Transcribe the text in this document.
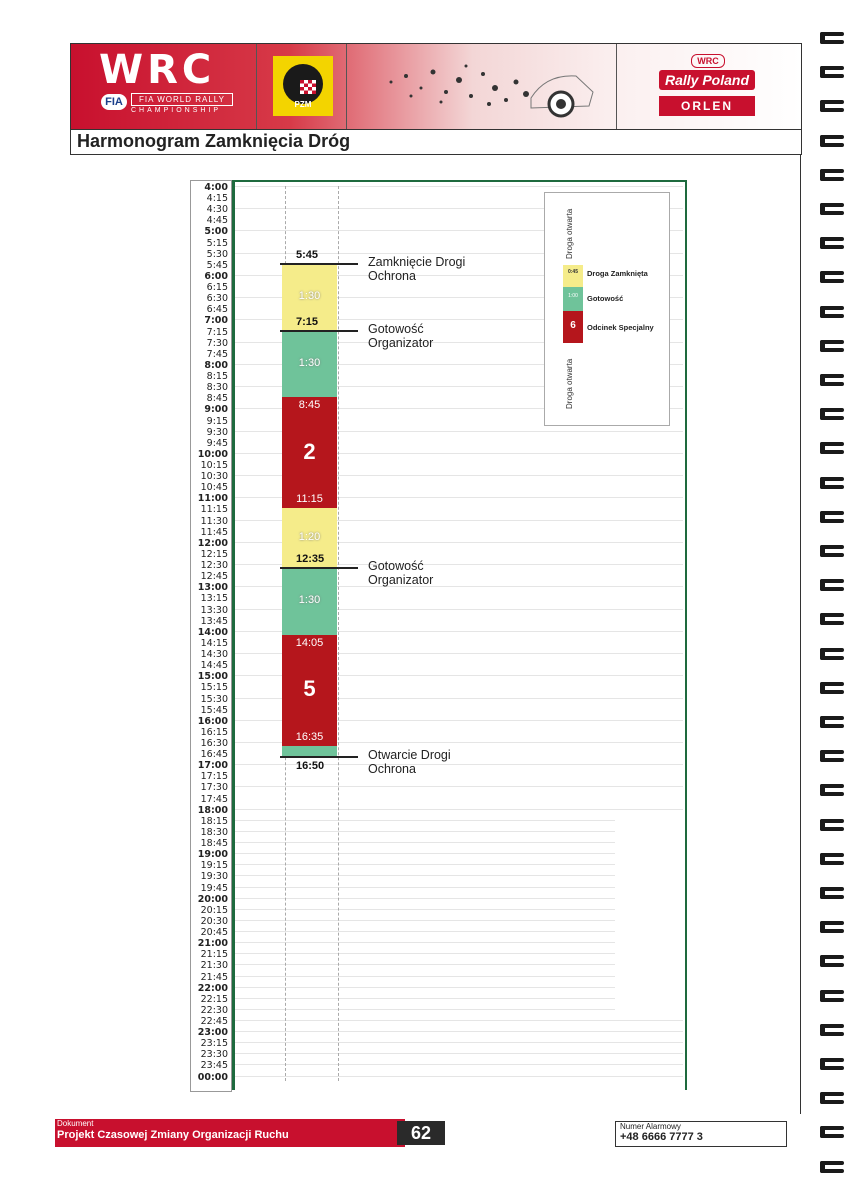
WRC
FIA	FIA WORLD RALLY
CHAMPIONSHIP
PZM
WRC
Rally Poland
ORLEN
Harmonogram Zamknięcia Dróg
4:00
4:15
4:30
4:45
5:00
5:15
5:30
5:45
6:00
6:15
6:30
6:45
7:00
7:15
7:30
7:45
8:00
8:15
8:30
8:45
9:00
9:15
9:30
9:45
10:00
10:15
10:30
10:45
11:00
11:15
11:30
11:45
12:00
12:15
12:30
12:45
13:00
13:15
13:30
13:45
14:00
14:15
14:30
14:45
15:00
15:15
15:30
15:45
16:00
16:15
16:30
16:45
17:00
17:15
17:30
17:45
18:00
18:15
18:30
18:45
19:00
19:15
19:30
19:45
20:00
20:15
20:30
20:45
21:00
21:15
21:30
21:45
22:00
22:15
22:30
22:45
23:00
23:15
23:30
23:45
00:00
1:30
1:30
8:45
2
11:15
1:20
1:30
14:05
5
16:35
5:45	Zamknięcie Drogi
Ochrona
7:15	Gotowość
Organizator
12:35	Gotowość
Organizator
16:50
Otwarcie Drogi
Ochrona
Droga otwarta
0:45	Droga Zamknięta
1:00	Gotowość
6	Odcinek Specjalny
Droga otwarta
Dokument
Projekt Czasowej Zmiany Organizacji Ruchu	62	Numer Alarmowy
+48 6666 7777 3
